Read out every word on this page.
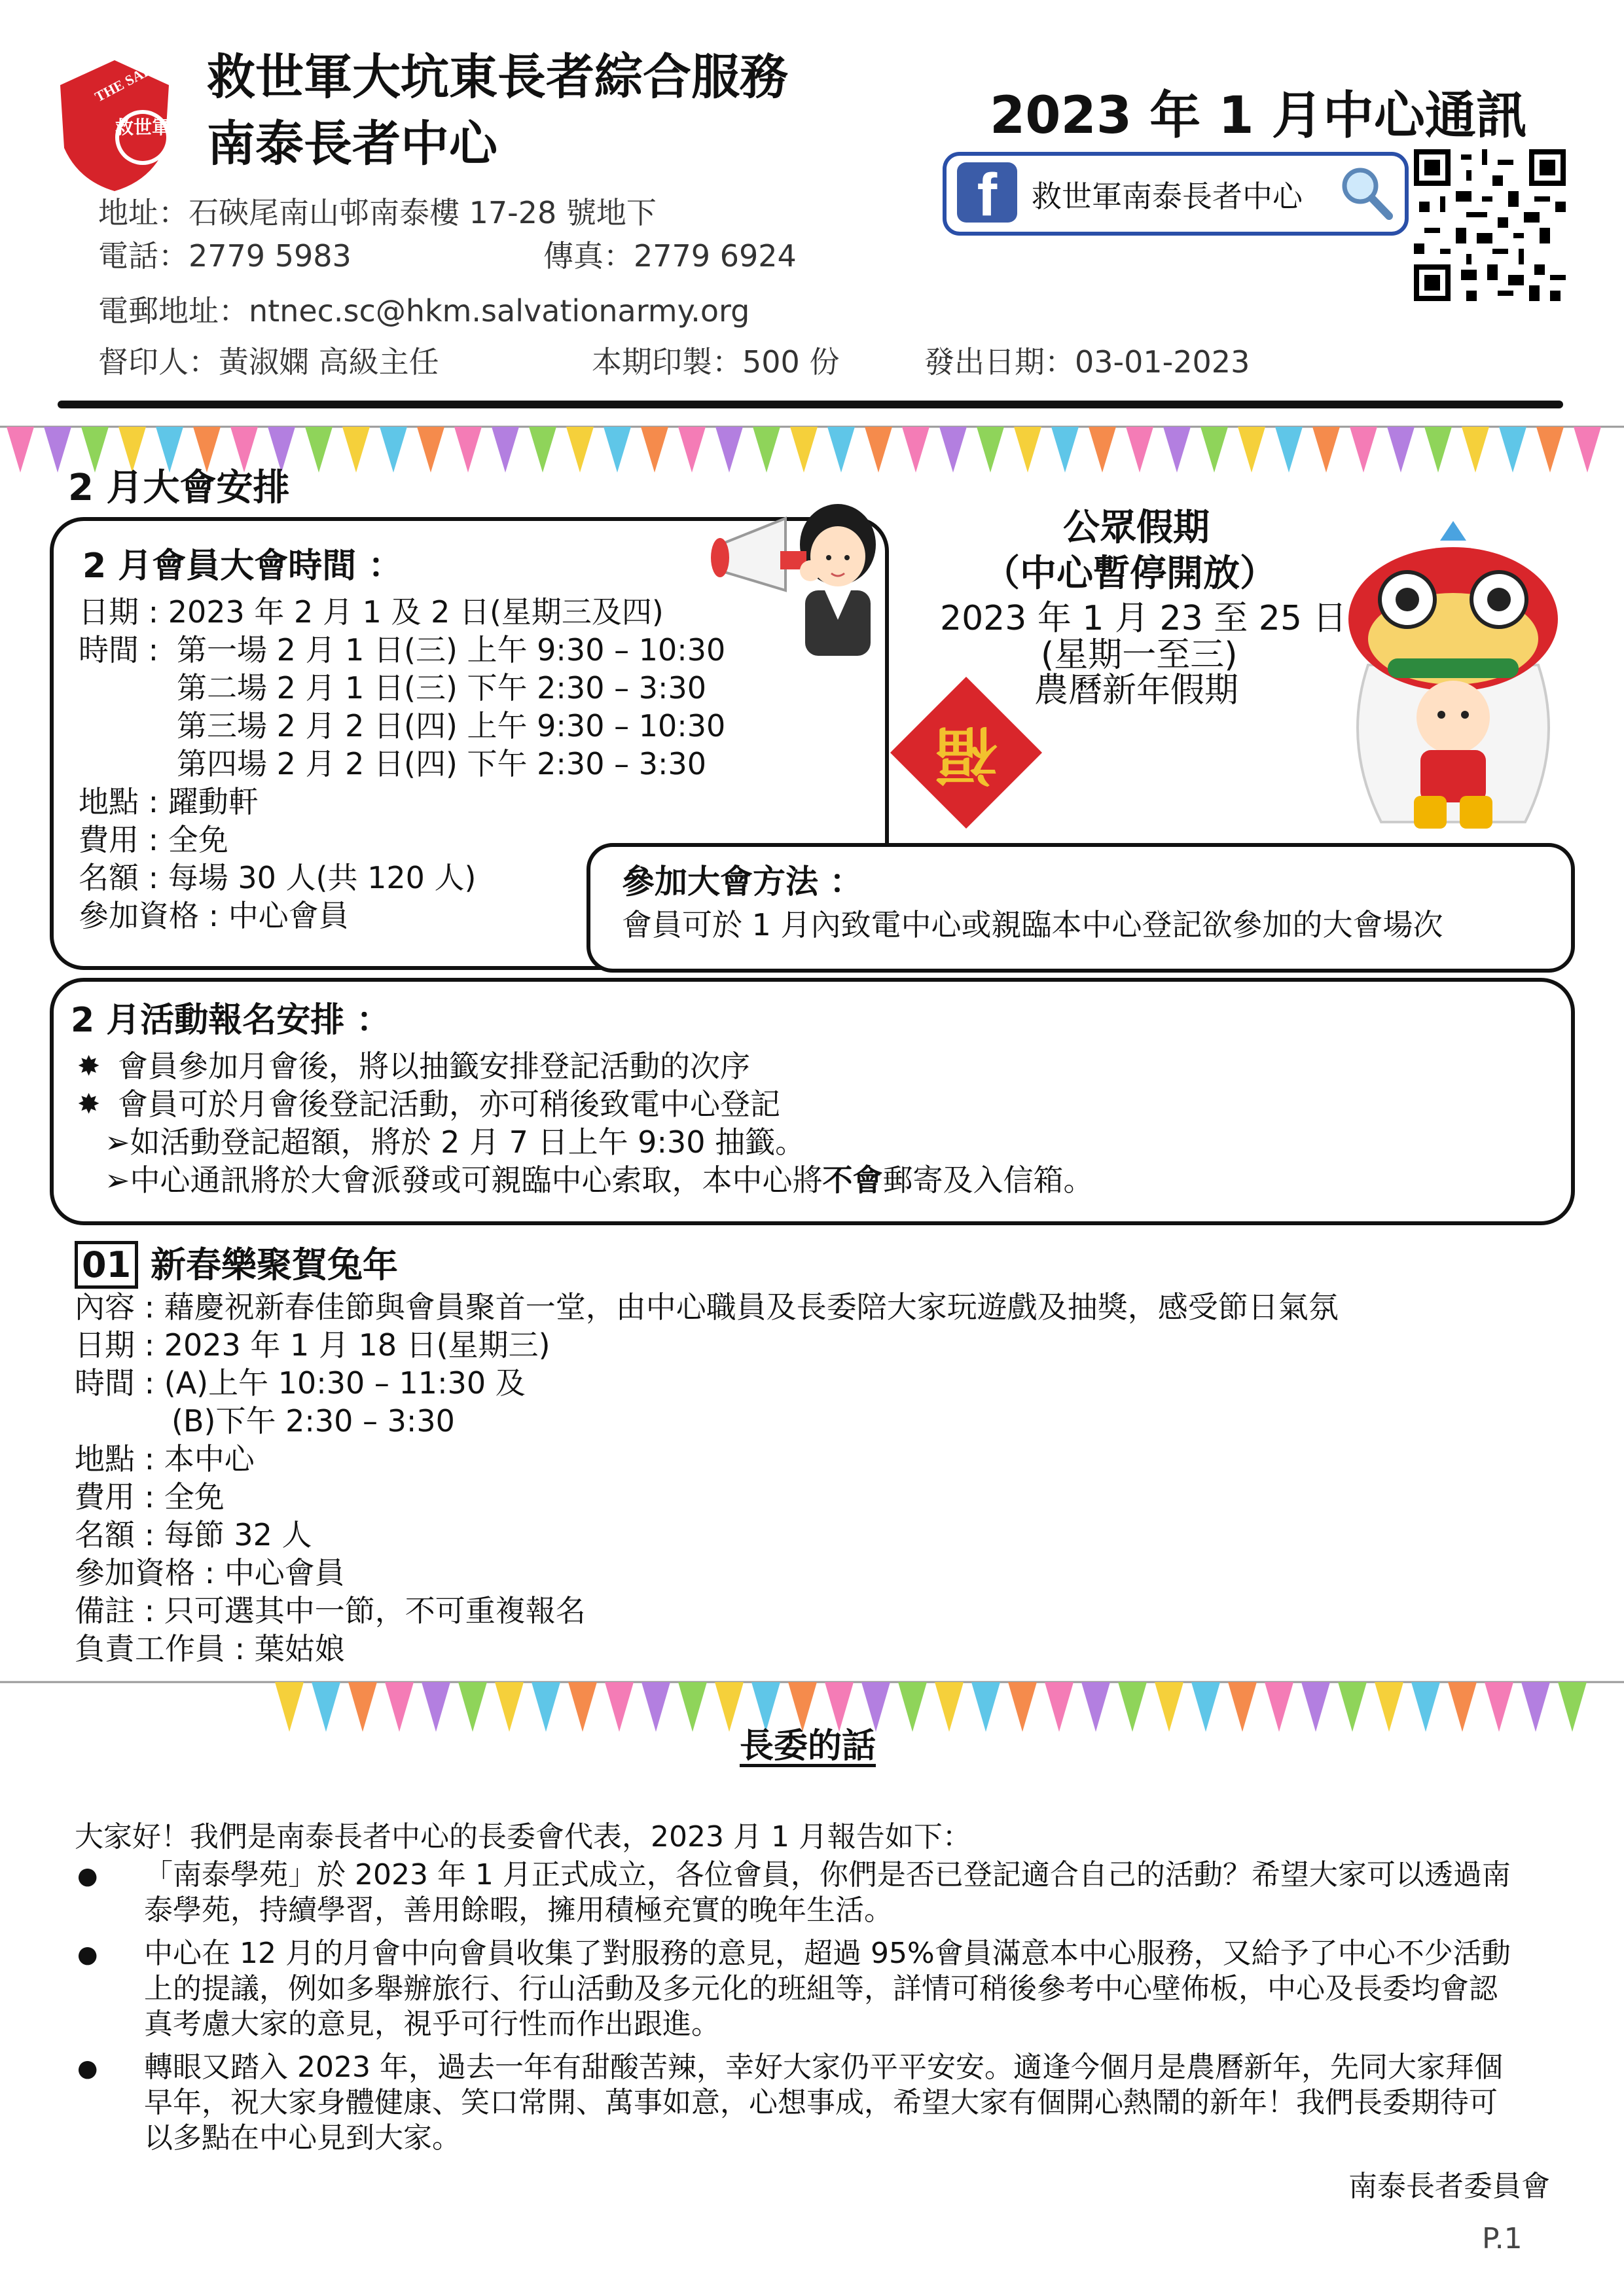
THE SALVATION ARMY
救世軍
救世軍大坑東長者綜合服務
南泰長者中心
地址：石硤尾南山邨南泰樓 17-28 號地下
電話：2779 5983	傳真：2779 6924
電郵地址：ntnec.sc@hkm.salvationarmy.org
督印人：黃淑嫻 高級主任	本期印製：500 份	發出日期：03-01-2023
2023 年 1 月中心通訊
f	救世軍南泰長者中心
2 月大會安排
2 月會員大會時間 ：
日期 : 2023 年 2 月 1 及 2 日(星期三及四)
時間 : 第一場 2 月 1 日(三) 上午 9:30 – 10:30
第二場 2 月 1 日(三) 下午 2:30 – 3:30
第三場 2 月 2 日(四) 上午 9:30 – 10:30
第四場 2 月 2 日(四) 下午 2:30 – 3:30
地點 : 躍動軒
費用 : 全免
名額 : 每場 30 人(共 120 人)
參加資格 : 中心會員
公眾假期
（中心暫停開放）
2023 年 1 月 23 至 25 日
(星期一至三)
農曆新年假期
福
參加大會方法 ：
會員可於 1 月內致電中心或親臨本中心登記欲參加的大會場次
2 月活動報名安排 ：
✸ 會員參加月會後，將以抽籤安排登記活動的次序
✸ 會員可於月會後登記活動，亦可稍後致電中心登記
➢如活動登記超額，將於 2 月 7 日上午 9:30 抽籤。
➢中心通訊將於大會派發或可親臨中心索取，本中心將不會郵寄及入信箱。
01 新春樂聚賀兔年
內容 : 藉慶祝新春佳節與會員聚首一堂，由中心職員及長委陪大家玩遊戲及抽獎，感受節日氣氛
日期 : 2023 年 1 月 18 日(星期三)
時間 : (A)上午 10:30 – 11:30 及
(B)下午 2:30 – 3:30
地點 : 本中心
費用 : 全免
名額 : 每節 32 人
參加資格 : 中心會員
備註 : 只可選其中一節，不可重複報名
負責工作員 : 葉姑娘
長委的話
大家好！我們是南泰長者中心的長委會代表，2023 月 1 月報告如下：
● 「南泰學苑」於 2023 年 1 月正式成立，各位會員，你們是否已登記適合自己的活動？希望大家可以透過南
泰學苑，持續學習，善用餘暇，擁用積極充實的晚年生活。
● 中心在 12 月的月會中向會員收集了對服務的意見，超過 95%會員滿意本中心服務，又給予了中心不少活動
上的提議，例如多舉辦旅行、行山活動及多元化的班組等，詳情可稍後參考中心壁佈板，中心及長委均會認
真考慮大家的意見，視乎可行性而作出跟進。
● 轉眼又踏入 2023 年，過去一年有甜酸苦辣，幸好大家仍平平安安。適逢今個月是農曆新年，先同大家拜個
早年，祝大家身體健康、笑口常開、萬事如意，心想事成，希望大家有個開心熱鬧的新年！我們長委期待可
以多點在中心見到大家。
南泰長者委員會
P.1
